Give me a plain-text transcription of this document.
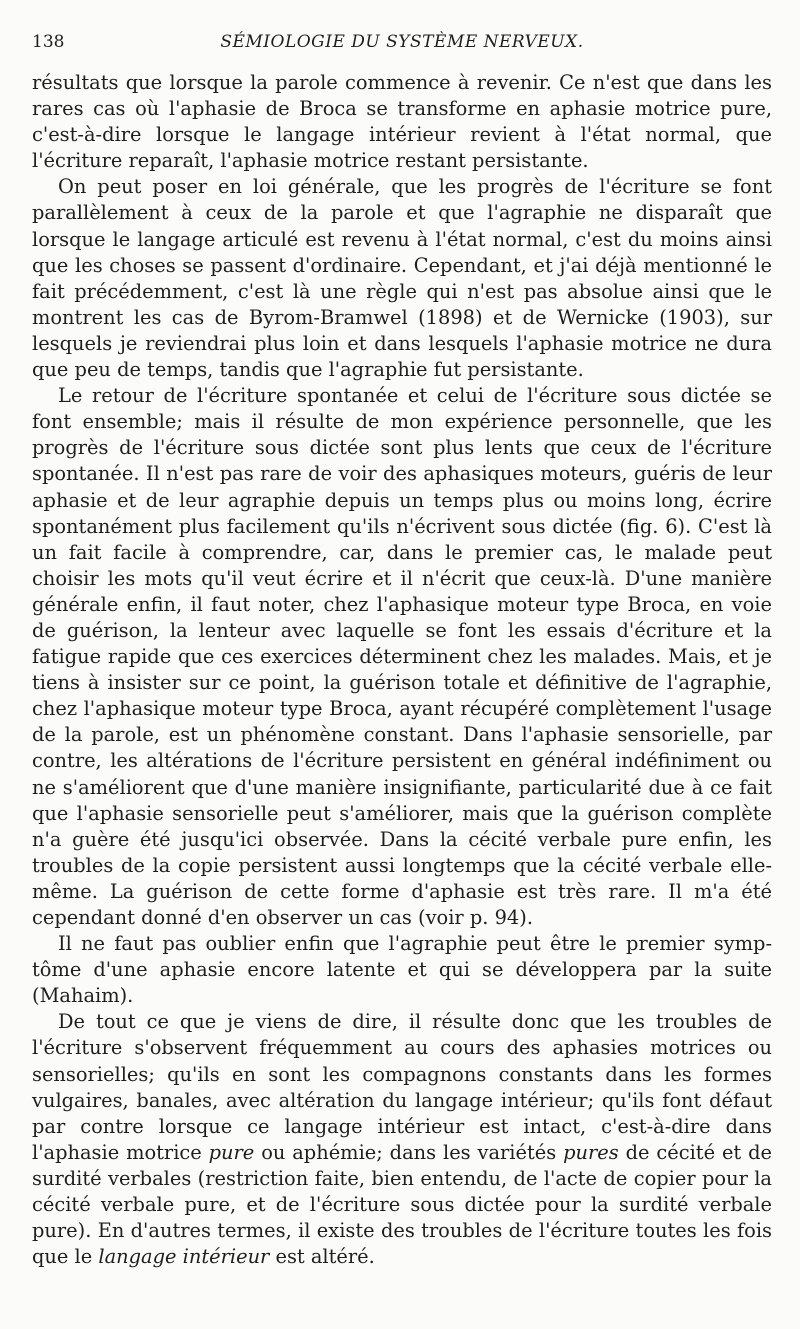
138	SÉMIOLOGIE DU SYSTÈME NERVEUX.

résultats que lorsque la parole commence à revenir. Ce n'est que dans les rares cas où l'aphasie de Broca se transforme en aphasie motrice pure, c'est-à-dire lorsque le langage intérieur revient à l'état normal, que l'écriture reparaît, l'aphasie motrice restant persistante.

On peut poser en loi générale, que les progrès de l'écriture se font parallèlement à ceux de la parole et que l'agraphie ne disparaît que lorsque le langage articulé est revenu à l'état normal, c'est du moins ainsi que les choses se passent d'ordinaire. Cependant, et j'ai déjà mentionné le fait précédemment, c'est là une règle qui n'est pas absolue ainsi que le montrent les cas de Byrom-Bramwel (1898) et de Wernicke (1903), sur lesquels je reviendrai plus loin et dans lesquels l'aphasie motrice ne dura que peu de temps, tandis que l'agraphie fut persistante.

Le retour de l'écriture spontanée et celui de l'écriture sous dictée se font ensemble; mais il résulte de mon expérience personnelle, que les progrès de l'écriture sous dictée sont plus lents que ceux de l'écriture spontanée. Il n'est pas rare de voir des aphasiques moteurs, guéris de leur aphasie et de leur agraphie depuis un temps plus ou moins long, écrire spontanément plus facilement qu'ils n'écrivent sous dictée (fig. 6). C'est là un fait facile à comprendre, car, dans le premier cas, le malade peut choisir les mots qu'il veut écrire et il n'écrit que ceux-là. D'une manière générale enfin, il faut noter, chez l'aphasique moteur type Broca, en voie de guérison, la lenteur avec laquelle se font les essais d'écriture et la fatigue rapide que ces exercices déterminent chez les malades. Mais, et je tiens à insister sur ce point, la guérison totale et définitive de l'agraphie, chez l'aphasique moteur type Broca, ayant récupéré complètement l'usage de la parole, est un phénomène constant. Dans l'aphasie sensorielle, par contre, les altérations de l'écriture persistent en général indéfiniment ou ne s'améliorent que d'une manière insignifiante, particularité due à ce fait que l'aphasie sensorielle peut s'améliorer, mais que la guérison complète n'a guère été jusqu'ici observée. Dans la cécité verbale pure enfin, les troubles de la copie persistent aussi longtemps que la cécité verbale elle-même. La guérison de cette forme d'aphasie est très rare. Il m'a été cependant donné d'en observer un cas (voir p. 94).

Il ne faut pas oublier enfin que l'agraphie peut être le premier symptôme d'une aphasie encore latente et qui se développera par la suite (Mahaim).

De tout ce que je viens de dire, il résulte donc que les troubles de l'écriture s'observent fréquemment au cours des aphasies motrices ou sensorielles; qu'ils en sont les compagnons constants dans les formes vulgaires, banales, avec altération du langage intérieur; qu'ils font défaut par contre lorsque ce langage intérieur est intact, c'est-à-dire dans l'aphasie motrice pure ou aphémie; dans les variétés pures de cécité et de surdité verbales (restriction faite, bien entendu, de l'acte de copier pour la cécité verbale pure, et de l'écriture sous dictée pour la surdité verbale pure). En d'autres termes, il existe des troubles de l'écriture toutes les fois que le langage intérieur est altéré.
